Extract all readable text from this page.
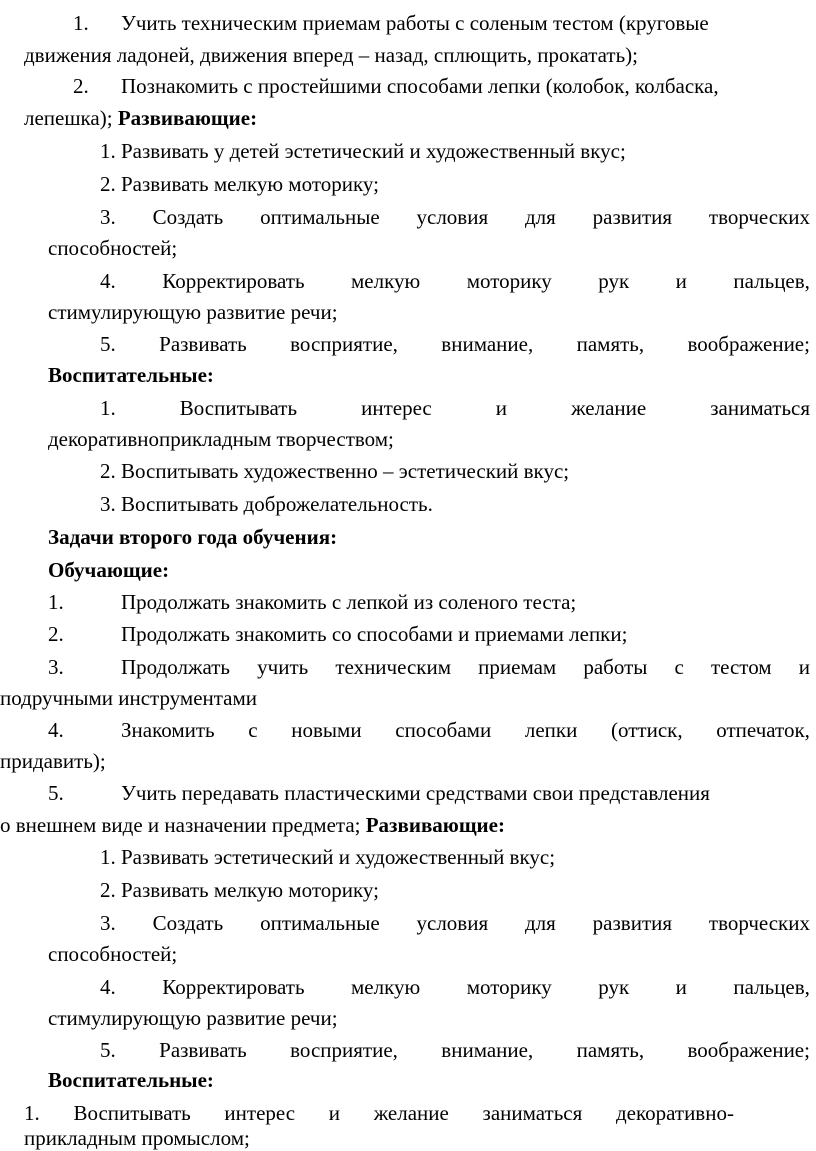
1. Учить техническим приемам работы с соленым тестом (круговые
движения ладоней, движения вперед – назад, сплющить, прокатать);
2. Познакомить с простейшими способами лепки (колобок, колбаска,
лепешка); Развивающие:
1. Развивать у детей эстетический и художественный вкус;
2. Развивать мелкую моторику;
3. Создать оптимальные условия для развития творческих
способностей;
4. Корректировать мелкую моторику рук и пальцев,
стимулирующую развитие речи;
5. Развивать восприятие, внимание, память, воображение;
Воспитательные:
1.	Воспитывать	интерес	и	желание	заниматься
декоративноприкладным творчеством;
2. Воспитывать художественно – эстетический вкус;
3. Воспитывать доброжелательность.
Задачи второго года обучения:
Обучающие:
1.	Продолжать знакомить с лепкой из соленого теста;
2.	Продолжать знакомить со способами и приемами лепки;
3.	Продолжать учить техническим приемам работы с тестом и
подручными инструментами
4.	Знакомить с новыми способами лепки (оттиск, отпечаток,
придавить);
5.	Учить передавать пластическими средствами свои представления
о внешнем виде и назначении предмета; Развивающие:
1. Развивать эстетический и художественный вкус;
2. Развивать мелкую моторику;
3. Создать оптимальные условия для развития творческих
способностей;
4. Корректировать мелкую моторику рук и пальцев,
стимулирующую развитие речи;
5. Развивать восприятие, внимание, память, воображение;
Воспитательные:
1. Воспитывать интерес и желание заниматься декоративно-
прикладным промыслом;
